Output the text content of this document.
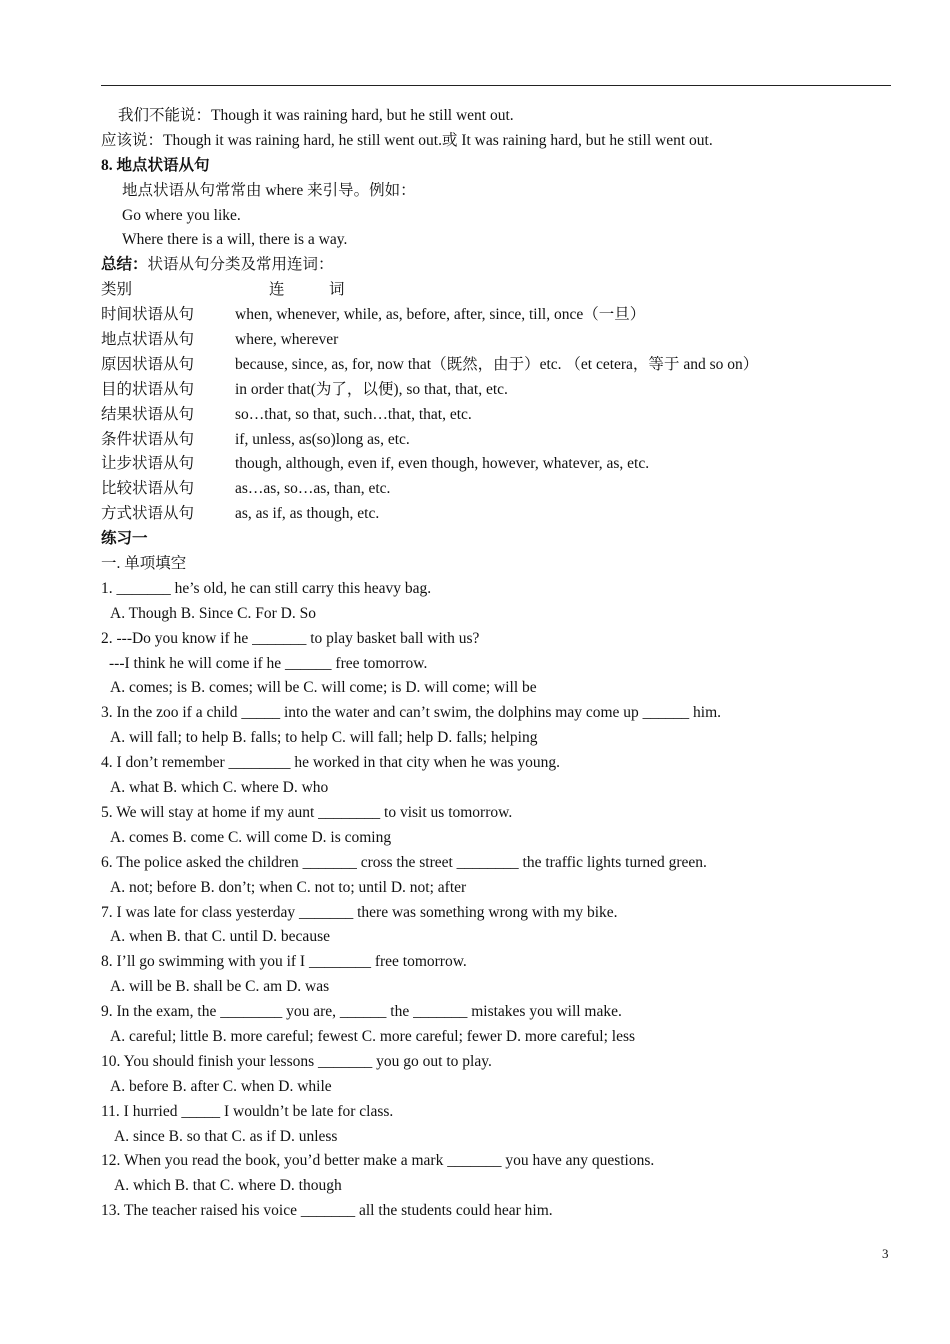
我们不能说：Though it was raining hard, but he still went out.
应该说：Though it was raining hard, he still went out.或 It was raining hard, but he still went out.
8. 地点状语从句
地点状语从句常常由 where 来引导。例如：
Go where you like.
Where there is a will, there is a way.
总结：状语从句分类及常用连词：
类别	连	词
时间状语从句	when, whenever, while, as, before, after, since, till, once（一旦）
地点状语从句	where, wherever
原因状语从句	because, since, as, for, now that（既然，由于）etc. （et cetera，等于 and so on）
目的状语从句	in order that(为了，以便), so that, that, etc.
结果状语从句	so…that, so that, such…that, that, etc.
条件状语从句	if, unless, as(so)long as, etc.
让步状语从句	though, although, even if, even though, however, whatever, as, etc.
比较状语从句	as…as, so…as, than, etc.
方式状语从句	as, as if, as though, etc.
练习一
一. 单项填空
1. _______ he’s old, he can still carry this heavy bag.
A. Though B. Since C. For D. So
2. ---Do you know if he _______ to play basket ball with us?
---I think he will come if he ______ free tomorrow.
A. comes; is B. comes; will be C. will come; is D. will come; will be
3. In the zoo if a child _____ into the water and can’t swim, the dolphins may come up ______ him.
A. will fall; to help B. falls; to help C. will fall; help D. falls; helping
4. I don’t remember ________ he worked in that city when he was young.
A. what B. which C. where D. who
5. We will stay at home if my aunt ________ to visit us tomorrow.
A. comes B. come C. will come D. is coming
6. The police asked the children _______ cross the street ________ the traffic lights turned green.
A. not; before B. don’t; when C. not to; until D. not; after
7. I was late for class yesterday _______ there was something wrong with my bike.
A. when B. that C. until D. because
8. I’ll go swimming with you if I ________ free tomorrow.
A. will be B. shall be C. am D. was
9. In the exam, the ________ you are, ______ the _______ mistakes you will make.
A. careful; little B. more careful; fewest C. more careful; fewer D. more careful; less
10. You should finish your lessons _______ you go out to play.
A. before B. after C. when D. while
11. I hurried _____ I wouldn’t be late for class.
A. since B. so that C. as if D. unless
12. When you read the book, you’d better make a mark _______ you have any questions.
A. which B. that C. where D. though
13. The teacher raised his voice _______ all the students could hear him.
3
